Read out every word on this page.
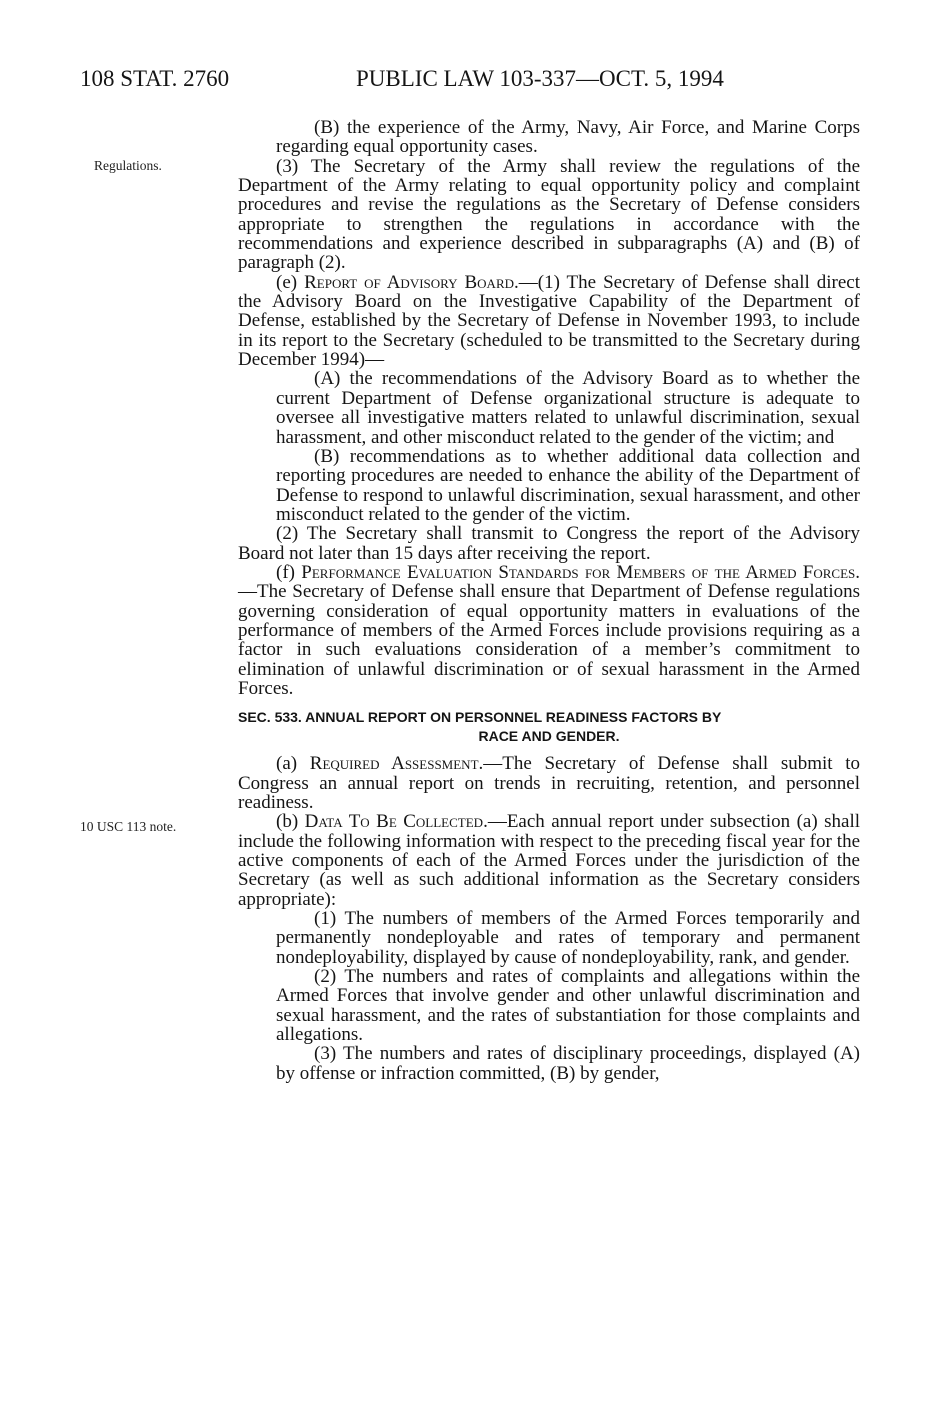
108 STAT. 2760	PUBLIC LAW 103-337—OCT. 5, 1994
Regulations.
10 USC 113 note.

(B) the experience of the Army, Navy, Air Force, and Marine Corps regarding equal opportunity cases.

(3) The Secretary of the Army shall review the regulations of the Department of the Army relating to equal opportunity policy and complaint procedures and revise the regulations as the Secretary of Defense considers appropriate to strengthen the regulations in accordance with the recommendations and experience described in subparagraphs (A) and (B) of paragraph (2).

(e) Report of Advisory Board.—(1) The Secretary of Defense shall direct the Advisory Board on the Investigative Capability of the Department of Defense, established by the Secretary of Defense in November 1993, to include in its report to the Secretary (scheduled to be transmitted to the Secretary during December 1994)—

(A) the recommendations of the Advisory Board as to whether the current Department of Defense organizational structure is adequate to oversee all investigative matters related to unlawful discrimination, sexual harassment, and other misconduct related to the gender of the victim; and

(B) recommendations as to whether additional data collection and reporting procedures are needed to enhance the ability of the Department of Defense to respond to unlawful discrimination, sexual harassment, and other misconduct related to the gender of the victim.

(2) The Secretary shall transmit to Congress the report of the Advisory Board not later than 15 days after receiving the report.

(f) Performance Evaluation Standards for Members of the Armed Forces.—The Secretary of Defense shall ensure that Department of Defense regulations governing consideration of equal opportunity matters in evaluations of the performance of members of the Armed Forces include provisions requiring as a factor in such evaluations consideration of a member’s commitment to elimination of unlawful discrimination or of sexual harassment in the Armed Forces.

SEC. 533. ANNUAL REPORT ON PERSONNEL READINESS FACTORS BY
RACE AND GENDER.

(a) Required Assessment.—The Secretary of Defense shall submit to Congress an annual report on trends in recruiting, retention, and personnel readiness.

(b) Data To Be Collected.—Each annual report under subsection (a) shall include the following information with respect to the preceding fiscal year for the active components of each of the Armed Forces under the jurisdiction of the Secretary (as well as such additional information as the Secretary considers appropriate):

(1) The numbers of members of the Armed Forces temporarily and permanently nondeployable and rates of temporary and permanent nondeployability, displayed by cause of nondeployability, rank, and gender.

(2) The numbers and rates of complaints and allegations within the Armed Forces that involve gender and other unlawful discrimination and sexual harassment, and the rates of substantiation for those complaints and allegations.

(3) The numbers and rates of disciplinary proceedings, displayed (A) by offense or infraction committed, (B) by gender,
